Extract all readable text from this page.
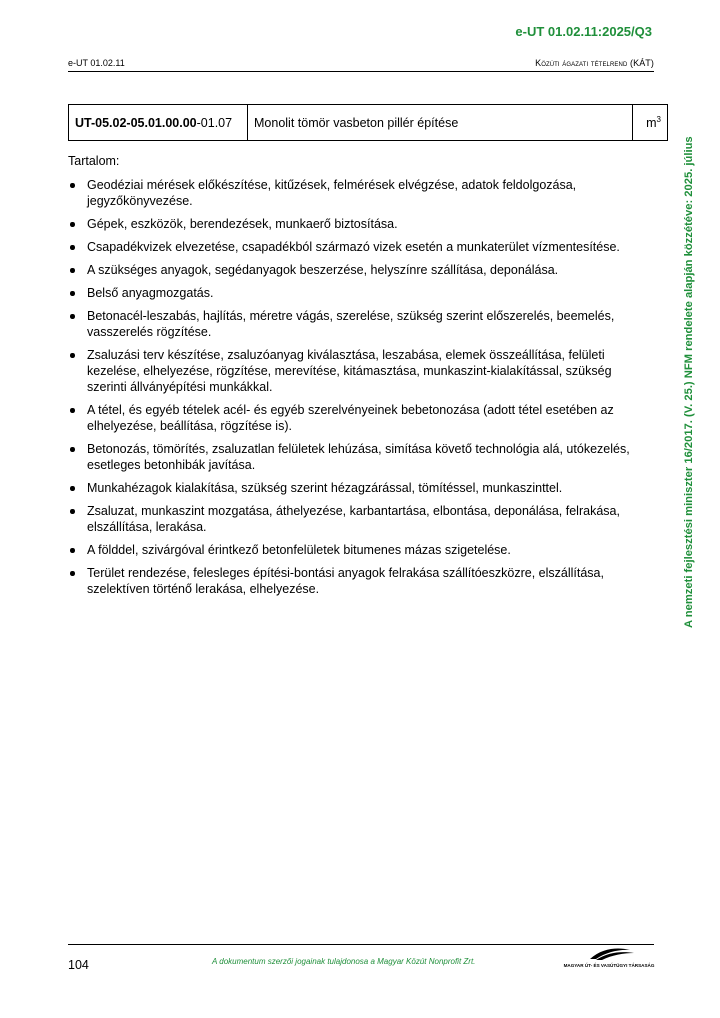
e-UT 01.02.11:2025/Q3
e-UT 01.02.11	Közúti ágazati tételrend (KÁT)
A nemzeti fejlesztési miniszter 16/2017. (V. 25.) NFM rendelete alapján közzétéve: 2025. július
UT-05.02-05.01.00.00-01.07	Monolit tömör vasbeton pillér építése	$m^3$
Tartalom:
Geodéziai mérések előkészítése, kitűzések, felmérések elvégzése, adatok feldolgozása, jegyzőkönyvezése.
Gépek, eszközök, berendezések, munkaerő biztosítása.
Csapadékvizek elvezetése, csapadékból származó vizek esetén a munkaterület vízmentesítése.
A szükséges anyagok, segédanyagok beszerzése, helyszínre szállítása, deponálása.
Belső anyagmozgatás.
Betonacél-leszabás, hajlítás, méretre vágás, szerelése, szükség szerint előszerelés, beemelés, vasszerelés rögzítése.
Zsaluzási terv készítése, zsaluzóanyag kiválasztása, leszabása, elemek összeállítása, felületi kezelése, elhelyezése, rögzítése, merevítése, kitámasztása, munkaszint-kialakítással, szükség szerinti állványépítési munkákkal.
A tétel, és egyéb tételek acél- és egyéb szerelvényeinek bebetonozása (adott tétel esetében az elhelyezése, beállítása, rögzítése is).
Betonozás, tömörítés, zsaluzatlan felületek lehúzása, simítása követő technológia alá, utókezelés, esetleges betonhibák javítása.
Munkahézagok kialakítása, szükség szerint hézagzárással, tömítéssel, munkaszinttel.
Zsaluzat, munkaszint mozgatása, áthelyezése, karbantartása, elbontása, deponálása, felrakása, elszállítása, lerakása.
A földdel, szivárgóval érintkező betonfelületek bitumenes mázas szigetelése.
Terület rendezése, felesleges építési-bontási anyagok felrakása szállítóeszközre, elszállítása, szelektíven történő lerakása, elhelyezése.
104	A dokumentum szerzői jogainak tulajdonosa a Magyar Közút Nonprofit Zrt.	MAGYAR ÚT- ÉS VASÚTÜGYI TÁRSASÁG
